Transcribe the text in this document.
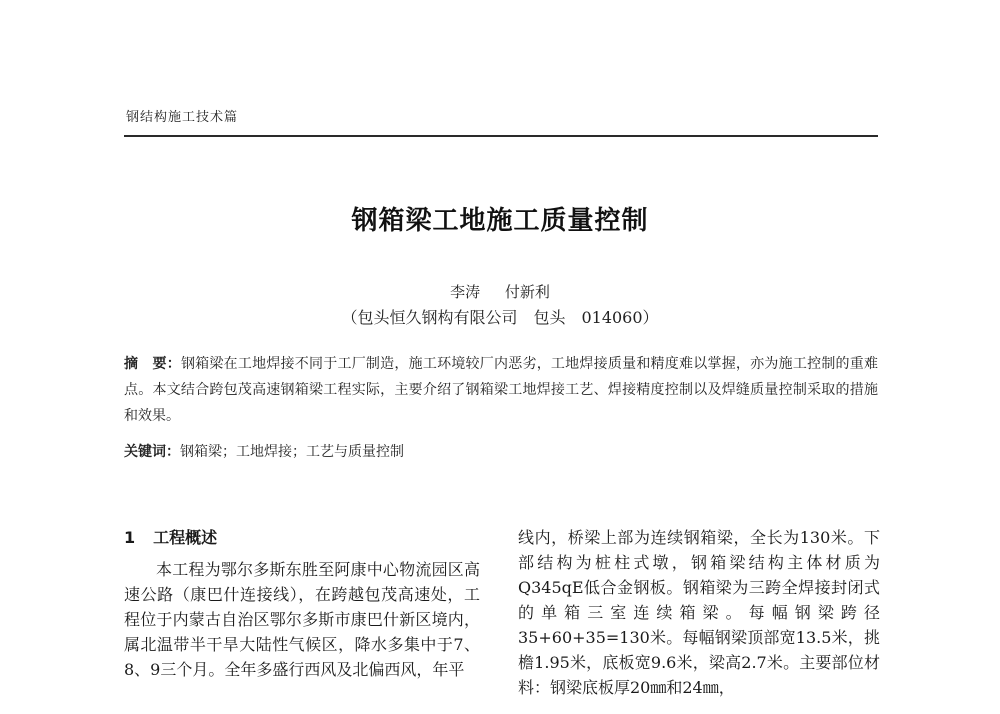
钢结构施工技术篇
钢箱梁工地施工质量控制
李涛 付新利
（包头恒久钢构有限公司　包头　014060）
摘　要：钢箱梁在工地焊接不同于工厂制造，施工环境较厂内恶劣，工地焊接质量和精度难以掌握，亦为施工控制的重难点。本文结合跨包茂高速钢箱梁工程实际，主要介绍了钢箱梁工地焊接工艺、焊接精度控制以及焊缝质量控制采取的措施和效果。
关键词：钢箱梁；工地焊接；工艺与质量控制
1 工程概述

本工程为鄂尔多斯东胜至阿康中心物流园区高速公路（康巴什连接线），在跨越包茂高速处，工程位于内蒙古自治区鄂尔多斯市康巴什新区境内，属北温带半干旱大陆性气候区，降水多集中于7、8、9三个月。全年多盛行西风及北偏西风，年平

线内，桥梁上部为连续钢箱梁，全长为130米。下部结构为桩柱式墩，钢箱梁结构主体材质为Q345qE低合金钢板。钢箱梁为三跨全焊接封闭式的单箱三室连续箱梁。每幅钢梁跨径35+60+35=130米。每幅钢梁顶部宽13.5米，挑檐1.95米，底板宽9.6米，梁高2.7米。主要部位材料：钢梁底板厚20㎜和24㎜，
